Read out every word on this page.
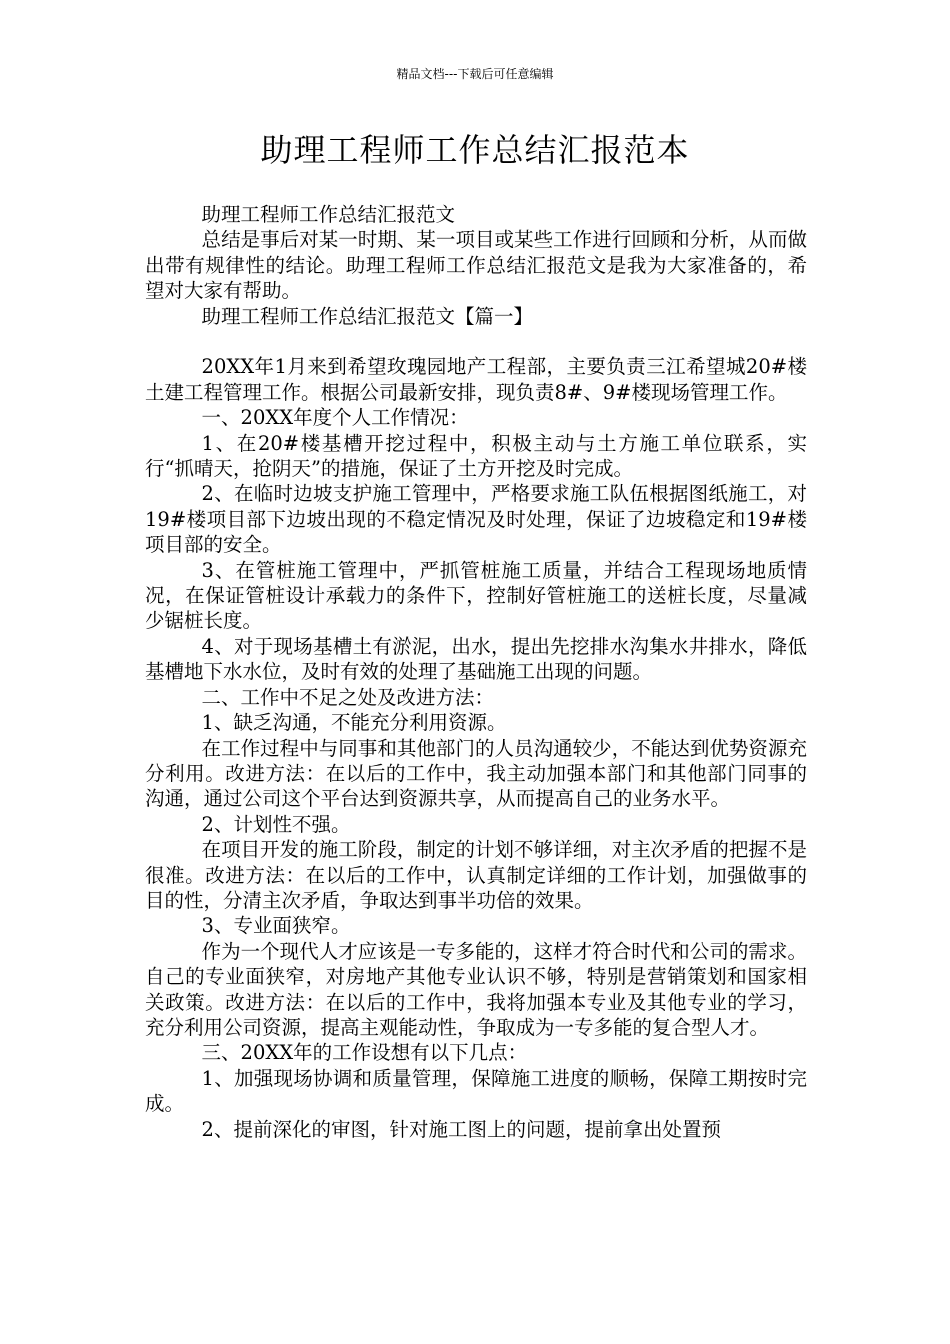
精品文档---下载后可任意编辑
助理工程师工作总结汇报范本

助理工程师工作总结汇报范文

总结是事后对某一时期、某一项目或某些工作进行回顾和分析，从而做出带有规律性的结论。助理工程师工作总结汇报范文是我为大家准备的，希望对大家有帮助。

助理工程师工作总结汇报范文【篇一】

20XX年1月来到希望玫瑰园地产工程部，主要负责三江希望城20#楼土建工程管理工作。根据公司最新安排，现负责8#、9#楼现场管理工作。

一、20XX年度个人工作情况：

1、在20#楼基槽开挖过程中，积极主动与土方施工单位联系，实行“抓晴天，抢阴天”的措施，保证了土方开挖及时完成。

2、在临时边坡支护施工管理中，严格要求施工队伍根据图纸施工，对19#楼项目部下边坡出现的不稳定情况及时处理，保证了边坡稳定和19#楼项目部的安全。

3、在管桩施工管理中，严抓管桩施工质量，并结合工程现场地质情况，在保证管桩设计承载力的条件下，控制好管桩施工的送桩长度，尽量减少锯桩长度。

4、对于现场基槽土有淤泥，出水，提出先挖排水沟集水井排水，降低基槽地下水水位，及时有效的处理了基础施工出现的问题。

二、工作中不足之处及改进方法：

1、缺乏沟通，不能充分利用资源。

在工作过程中与同事和其他部门的人员沟通较少，不能达到优势资源充分利用。改进方法：在以后的工作中，我主动加强本部门和其他部门同事的沟通，通过公司这个平台达到资源共享，从而提高自己的业务水平。

2、计划性不强。

在项目开发的施工阶段，制定的计划不够详细，对主次矛盾的把握不是很准。改进方法：在以后的工作中，认真制定详细的工作计划，加强做事的目的性，分清主次矛盾，争取达到事半功倍的效果。

3、专业面狭窄。

作为一个现代人才应该是一专多能的，这样才符合时代和公司的需求。自己的专业面狭窄，对房地产其他专业认识不够，特别是营销策划和国家相关政策。改进方法：在以后的工作中，我将加强本专业及其他专业的学习，充分利用公司资源，提高主观能动性，争取成为一专多能的复合型人才。

三、20XX年的工作设想有以下几点：

1、加强现场协调和质量管理，保障施工进度的顺畅，保障工期按时完成。

2、提前深化的审图，针对施工图上的问题，提前拿出处置预
